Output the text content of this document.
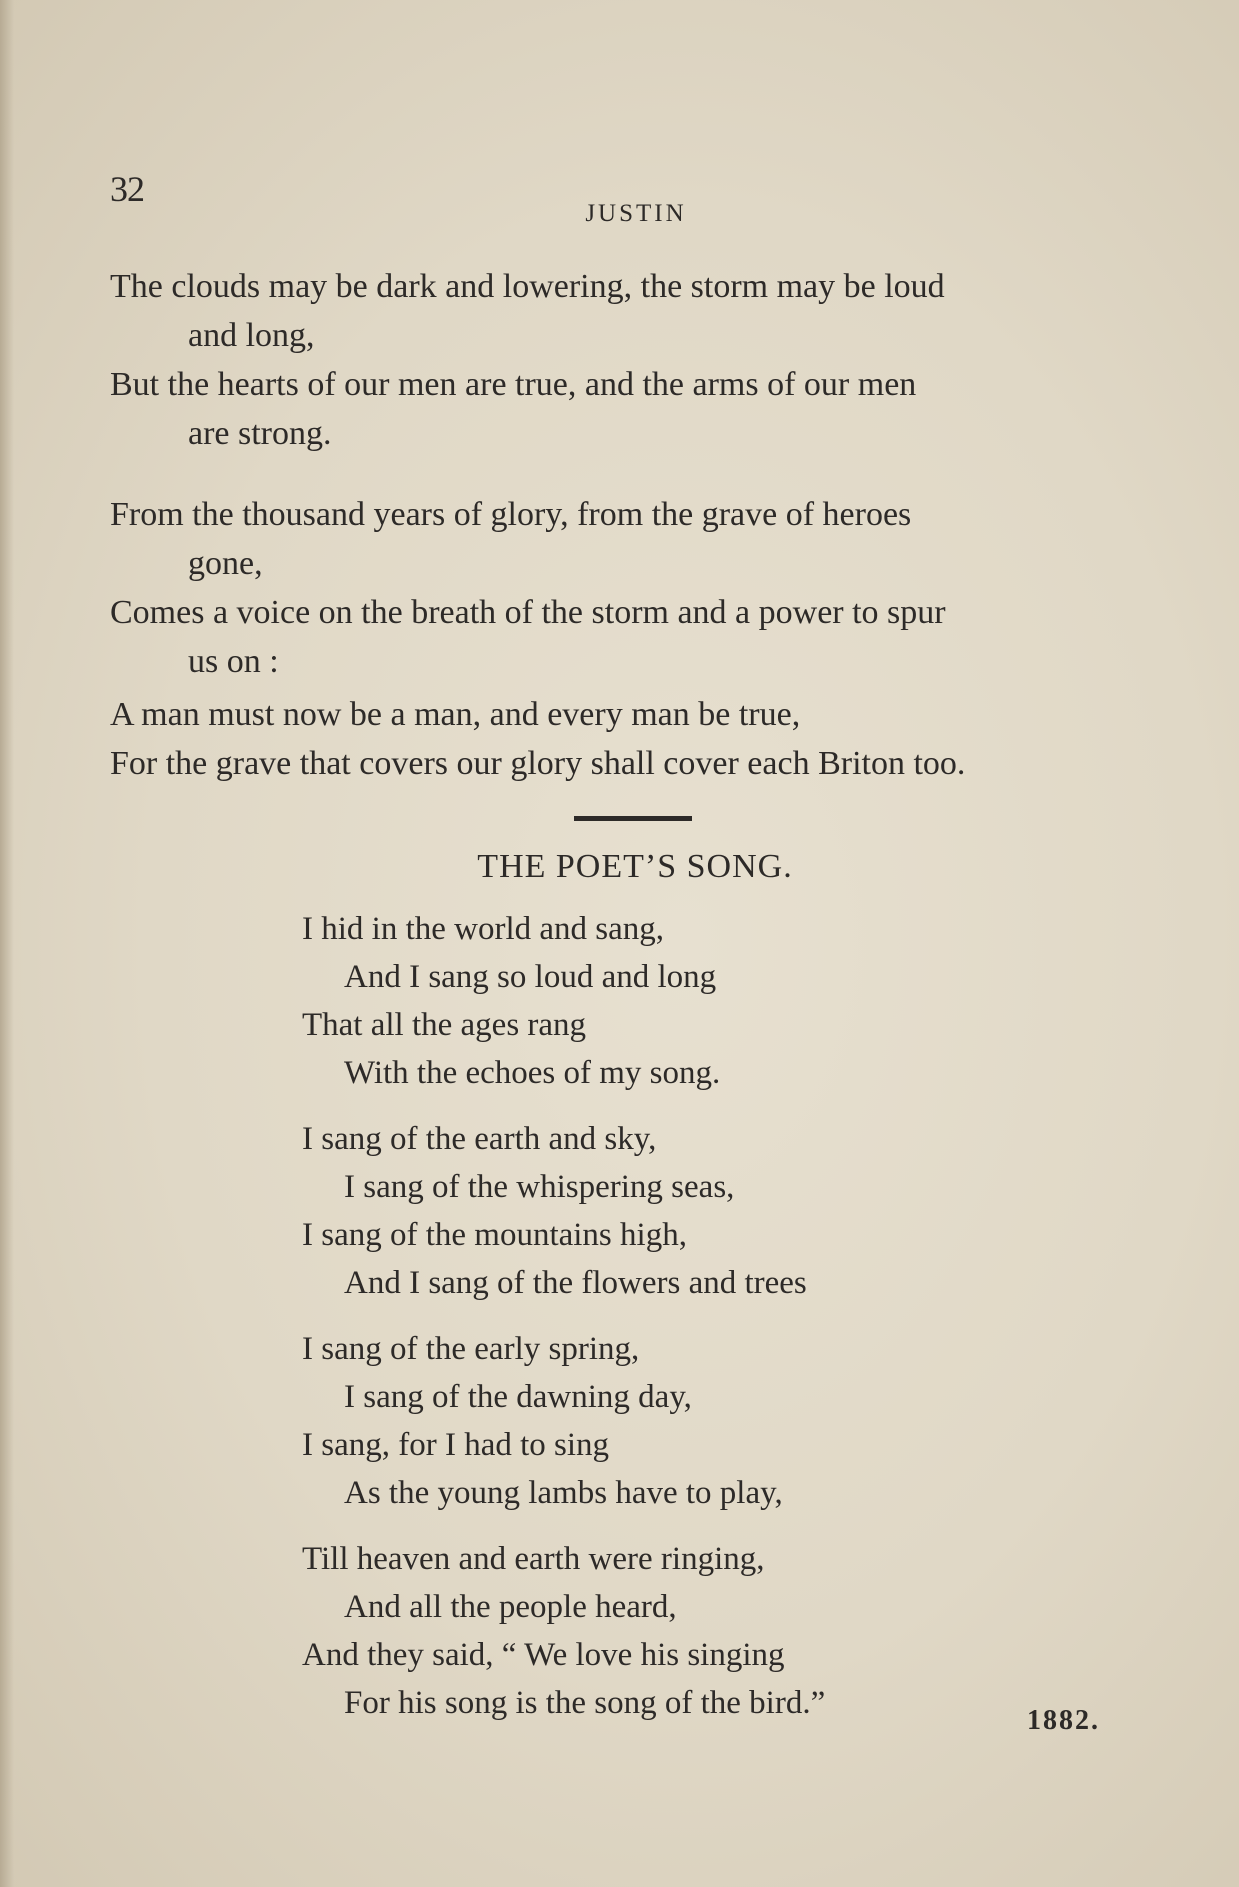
32
JUSTIN
The clouds may be dark and lowering, the storm may be loud
and long,
But the hearts of our men are true, and the arms of our men
are strong.
From the thousand years of glory, from the grave of heroes
gone,
Comes a voice on the breath of the storm and a power to spur
us on :
A man must now be a man, and every man be true,
For the grave that covers our glory shall cover each Briton too.
THE POET’S SONG.
I hid in the world and sang,
And I sang so loud and long
That all the ages rang
With the echoes of my song.
I sang of the earth and sky,
I sang of the whispering seas,
I sang of the mountains high,
And I sang of the flowers and trees
I sang of the early spring,
I sang of the dawning day,
I sang, for I had to sing
As the young lambs have to play,
Till heaven and earth were ringing,
And all the people heard,
And they said, “ We love his singing
For his song is the song of the bird.”	1882.
